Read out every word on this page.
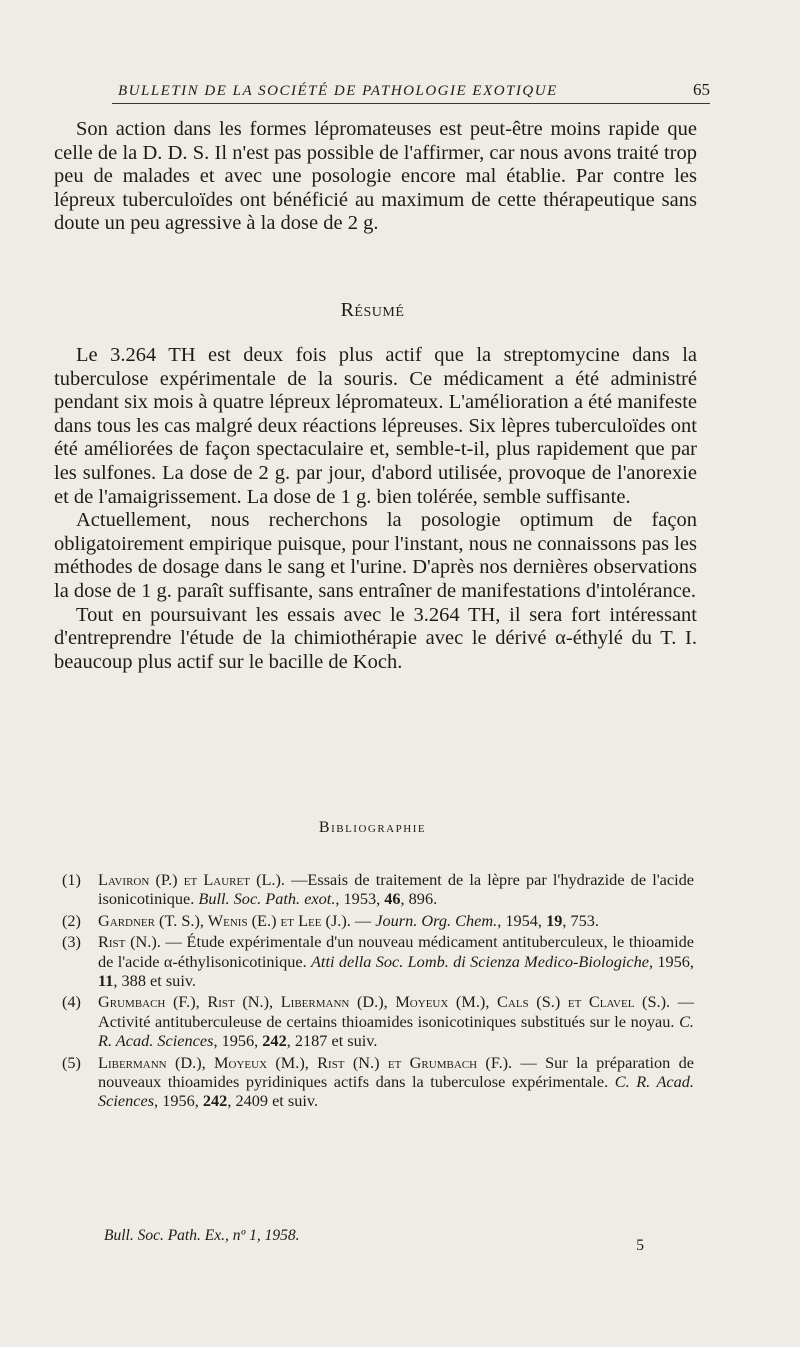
BULLETIN DE LA SOCIÉTÉ DE PATHOLOGIE EXOTIQUE	65

Son action dans les formes lépromateuses est peut-être moins rapide que celle de la D. D. S. Il n'est pas possible de l'affirmer, car nous avons traité trop peu de malades et avec une posologie encore mal établie. Par contre les lépreux tuberculoïdes ont bénéficié au maximum de cette thérapeutique sans doute un peu agressive à la dose de 2 g.

Résumé

Le 3.264 TH est deux fois plus actif que la streptomycine dans la tuberculose expérimentale de la souris. Ce médicament a été administré pendant six mois à quatre lépreux lépromateux. L'amélioration a été manifeste dans tous les cas malgré deux réactions lépreuses. Six lèpres tuberculoïdes ont été améliorées de façon spectaculaire et, semble-t-il, plus rapidement que par les sulfones. La dose de 2 g. par jour, d'abord utilisée, provoque de l'anorexie et de l'amaigrissement. La dose de 1 g. bien tolérée, semble suffisante.

Actuellement, nous recherchons la posologie optimum de façon obligatoirement empirique puisque, pour l'instant, nous ne connaissons pas les méthodes de dosage dans le sang et l'urine. D'après nos dernières observations la dose de 1 g. paraît suffisante, sans entraîner de manifestations d'intolérance.

Tout en poursuivant les essais avec le 3.264 TH, il sera fort intéressant d'entreprendre l'étude de la chimiothérapie avec le dérivé α-éthylé du T. I. beaucoup plus actif sur le bacille de Koch.

Bibliographie
(1) Laviron (P.) et Lauret (L.). —Essais de traitement de la lèpre par l'hydrazide de l'acide isonicotinique. Bull. Soc. Path. exot., 1953, 46, 896.
(2) Gardner (T. S.), Wenis (E.) et Lee (J.). — Journ. Org. Chem., 1954, 19, 753.
(3) Rist (N.). — Étude expérimentale d'un nouveau médicament antituberculeux, le thioamide de l'acide α-éthylisonicotinique. Atti della Soc. Lomb. di Scienza Medico-Biologiche, 1956, 11, 388 et suiv.
(4) Grumbach (F.), Rist (N.), Libermann (D.), Moyeux (M.), Cals (S.) et Clavel (S.). — Activité antituberculeuse de certains thioamides isonicotiniques substitués sur le noyau. C. R. Acad. Sciences, 1956, 242, 2187 et suiv.
(5) Libermann (D.), Moyeux (M.), Rist (N.) et Grumbach (F.). — Sur la préparation de nouveaux thioamides pyridiniques actifs dans la tuberculose expérimentale. C. R. Acad. Sciences, 1956, 242, 2409 et suiv.
Bull. Soc. Path. Ex., nº 1, 1958.
5
